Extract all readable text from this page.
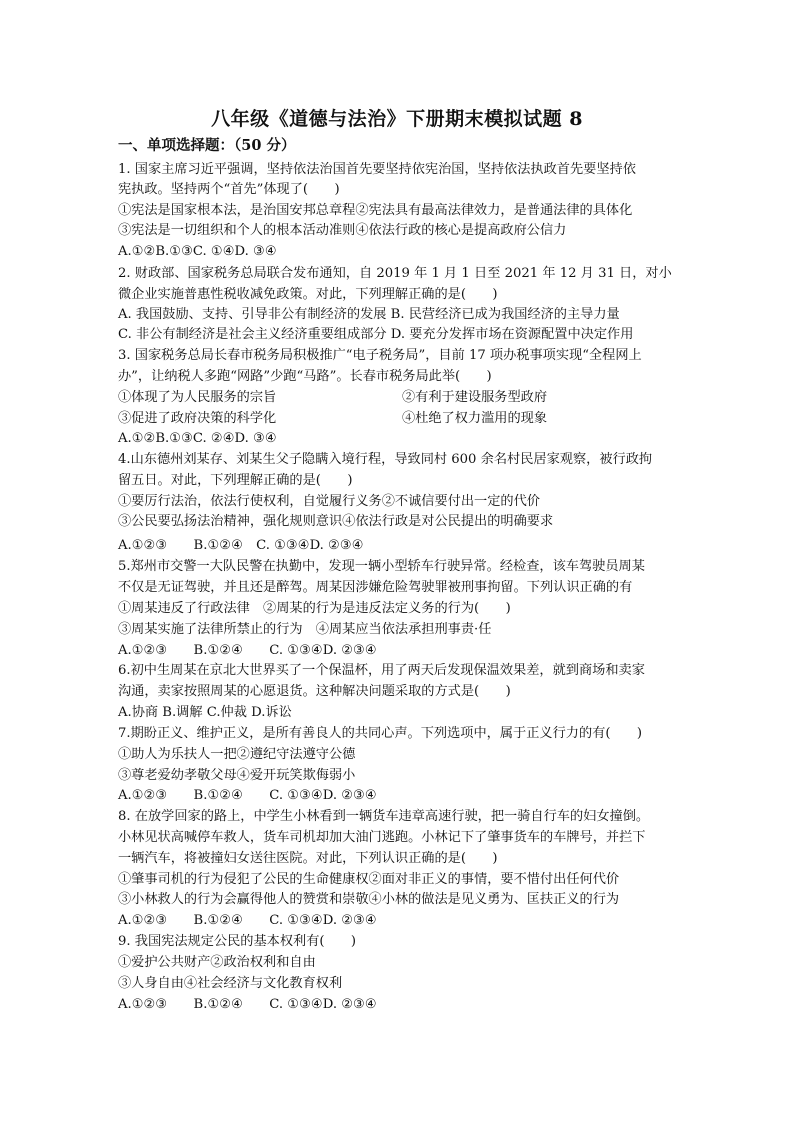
八年级《道德与法治》下册期末模拟试题 8
一、单项选择题：（50 分）
1. 国家主席习近平强调，坚持依法治国首先要坚持依宪治国，坚持依法执政首先要坚持依
宪执政。坚持两个“首先”体现了(　　)
①宪法是国家根本法，是治国安邦总章程②宪法具有最高法律效力，是普通法律的具体化
③宪法是一切组织和个人的根本活动准则④依法行政的核心是提高政府公信力
A.①②B.①③C. ①④D. ③④
2. 财政部、国家税务总局联合发布通知，自 2019 年 1 月 1 日至 2021 年 12 月 31 日，对小
微企业实施普惠性税收减免政策。对此，下列理解正确的是(　　)
A. 我国鼓励、支持、引导非公有制经济的发展 B. 民营经济已成为我国经济的主导力量
C. 非公有制经济是社会主义经济重要组成部分 D. 要充分发挥市场在资源配置中决定作用
3. 国家税务总局长春市税务局积极推广“电子税务局”，目前 17 项办税事项实现“全程网上
办”，让纳税人多跑“网路”少跑“马路”。长春市税务局此举(　　)
①体现了为人民服务的宗旨	②有利于建设服务型政府
③促进了政府决策的科学化	④杜绝了权力滥用的现象
A.①②B.①③C. ②④D. ③④
4.山东德州刘某存、刘某生父子隐瞒入境行程，导致同村 600 余名村民居家观察，被行政拘
留五日。对此，下列理解正确的是(　　)
①要厉行法治，依法行使权利，自觉履行义务②不诚信要付出一定的代价
③公民要弘扬法治精神，强化规则意识④依法行政是对公民提出的明确要求
A.①②③　　B.①②④　C. ①③④D. ②③④
5.郑州市交警一大队民警在执勤中，发现一辆小型轿车行驶异常。经检查，该车驾驶员周某
不仅是无证驾驶，并且还是醉驾。周某因涉嫌危险驾驶罪被刑事拘留。下列认识正确的有
①周某违反了行政法律　②周某的行为是违反法定义务的行为(　　)
③周某实施了法律所禁止的行为　④周某应当依法承担刑事责·任
A.①②③　　B.①②④　　C. ①③④D. ②③④
6.初中生周某在京北大世界买了一个保温杯，用了两天后发现保温效果差，就到商场和卖家
沟通，卖家按照周某的心愿退货。这种解决问题采取的方式是(　　)
A.协商 B.调解 C.仲裁 D.诉讼
7.期盼正义、维护正义，是所有善良人的共同心声。下列选项中，属于正义行力的有(　　)
①助人为乐扶人一把②遵纪守法遵守公德
③尊老爱幼孝敬父母④爱开玩笑欺侮弱小
A.①②③　　B.①②④　　C. ①③④D. ②③④
8. 在放学回家的路上，中学生小林看到一辆货车违章高速行驶，把一骑自行车的妇女撞倒。
小林见状高喊停车救人，货车司机却加大油门逃跑。小林记下了肇事货车的车牌号，并拦下
一辆汽车，将被撞妇女送往医院。对此，下列认识正确的是(　　)
①肇事司机的行为侵犯了公民的生命健康权②面对非正义的事情，要不惜付出任何代价
③小林救人的行为会赢得他人的赞赏和崇敬④小林的做法是见义勇为、匡扶正义的行为
A.①②③　　B.①②④　　C. ①③④D. ②③④
9. 我国宪法规定公民的基本权利有(　　)
①爱护公共财产②政治权利和自由
③人身自由④社会经济与文化教育权利
A.①②③　　B.①②④　　C. ①③④D. ②③④
